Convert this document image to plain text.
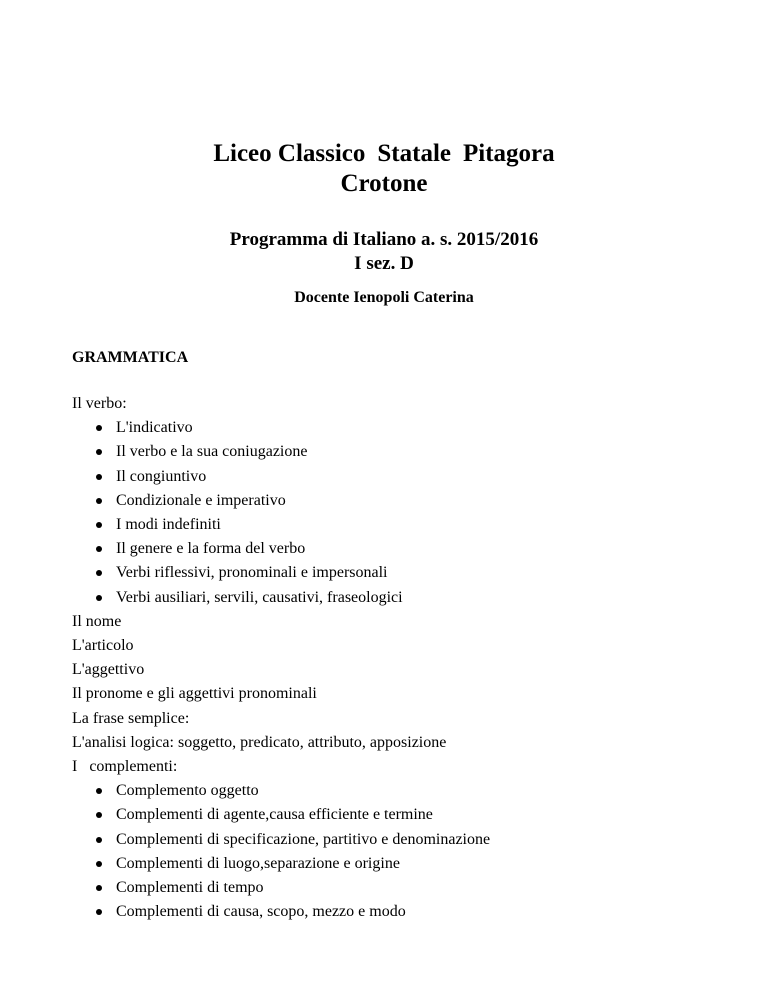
Liceo Classico Statale Pitagora
Crotone
Programma di Italiano a. s. 2015/2016
I sez. D
Docente Ienopoli Caterina
GRAMMATICA
Il verbo:
L'indicativo
Il verbo e la sua coniugazione
Il congiuntivo
Condizionale e imperativo
I modi indefiniti
Il genere e la forma del verbo
Verbi riflessivi, pronominali e impersonali
Verbi ausiliari, servili, causativi, fraseologici
Il nome
L'articolo
L'aggettivo
Il pronome e gli aggettivi pronominali
La frase semplice:
L'analisi logica: soggetto, predicato, attributo, apposizione
I   complementi:
Complemento oggetto
Complementi di agente,causa efficiente e termine
Complementi di specificazione, partitivo e denominazione
Complementi di luogo,separazione e origine
Complementi di tempo
Complementi di causa, scopo, mezzo e modo
